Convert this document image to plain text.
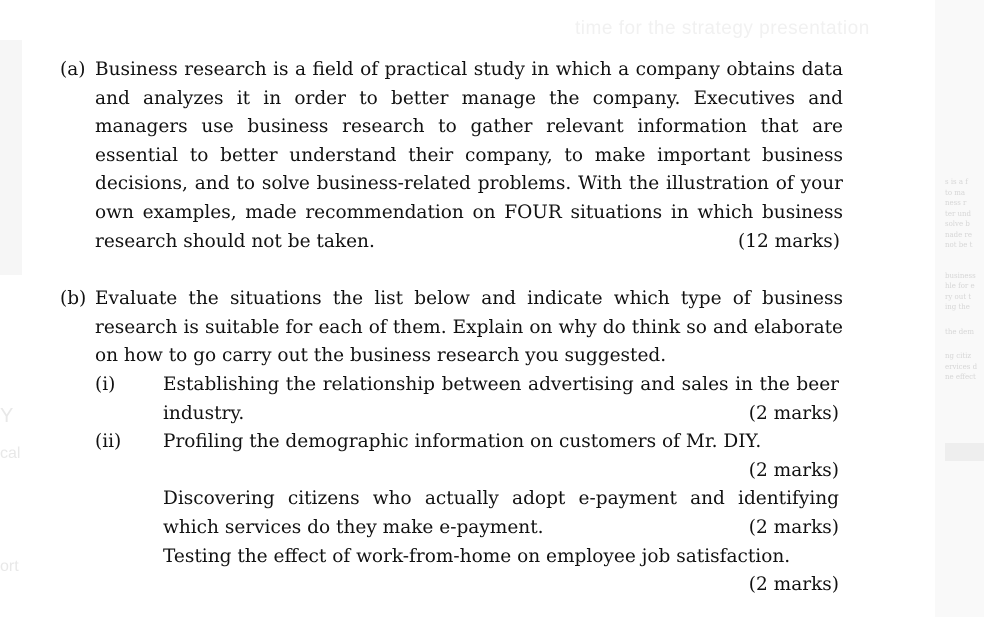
time for the strategy presentation
Y
cal
ort
s is a f
to ma
ness r
ter und
solve b
nade re
not be t
business
hle for e
ry out t
ing the
the dem
ng citiz
ervices d
ne effect
(a) Business research is a field of practical study in which a company obtains data
and analyzes it in order to better manage the company. Executives and
managers use business research to gather relevant information that are
essential to better understand their company, to make important business
decisions, and to solve business-related problems. With the illustration of your
own examples, made recommendation on FOUR situations in which business
research should not be taken.	(12 marks)
(b) Evaluate the situations the list below and indicate which type of business
research is suitable for each of them. Explain on why do think so and elaborate
on how to go carry out the business research you suggested.
(i)	Establishing the relationship between advertising and sales in the beer
industry.	(2 marks)
(ii) Profiling the demographic information on customers of Mr. DIY.
(2 marks)
Discovering citizens who actually adopt e-payment and identifying
which services do they make e-payment.	(2 marks)
Testing the effect of work-from-home on employee job satisfaction.
(2 marks)
